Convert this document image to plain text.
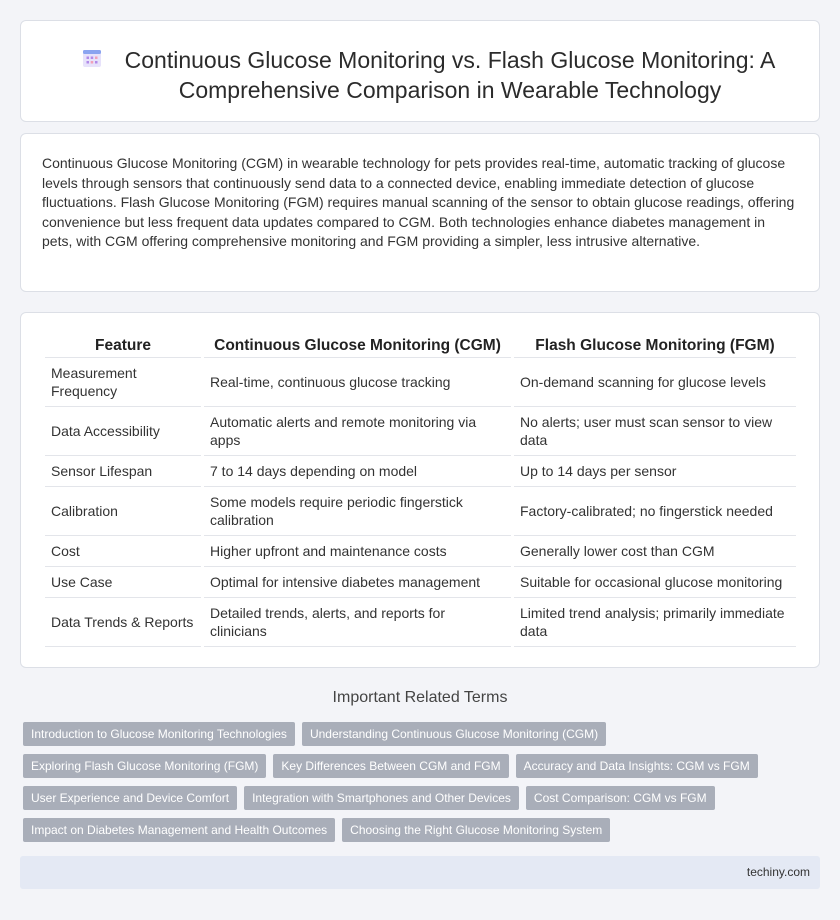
Continuous Glucose Monitoring vs. Flash Glucose Monitoring: A Comprehensive Comparison in Wearable Technology

Continuous Glucose Monitoring (CGM) in wearable technology for pets provides real-time, automatic tracking of glucose levels through sensors that continuously send data to a connected device, enabling immediate detection of glucose fluctuations. Flash Glucose Monitoring (FGM) requires manual scanning of the sensor to obtain glucose readings, offering convenience but less frequent data updates compared to CGM. Both technologies enhance diabetes management in pets, with CGM offering comprehensive monitoring and FGM providing a simpler, less intrusive alternative.

Feature	Continuous Glucose Monitoring (CGM)	Flash Glucose Monitoring (FGM)
Measurement Frequency	Real-time, continuous glucose tracking	On-demand scanning for glucose levels
Data Accessibility	Automatic alerts and remote monitoring via apps	No alerts; user must scan sensor to view data
Sensor Lifespan	7 to 14 days depending on model	Up to 14 days per sensor
Calibration	Some models require periodic fingerstick calibration	Factory-calibrated; no fingerstick needed
Cost	Higher upfront and maintenance costs	Generally lower cost than CGM
Use Case	Optimal for intensive diabetes management	Suitable for occasional glucose monitoring
Data Trends & Reports	Detailed trends, alerts, and reports for clinicians	Limited trend analysis; primarily immediate data
Important Related Terms
Introduction to Glucose Monitoring Technologies	Understanding Continuous Glucose Monitoring (CGM)
Exploring Flash Glucose Monitoring (FGM)	Key Differences Between CGM and FGM	Accuracy and Data Insights: CGM vs FGM
User Experience and Device Comfort	Integration with Smartphones and Other Devices	Cost Comparison: CGM vs FGM
Impact on Diabetes Management and Health Outcomes	Choosing the Right Glucose Monitoring System
techiny.com
